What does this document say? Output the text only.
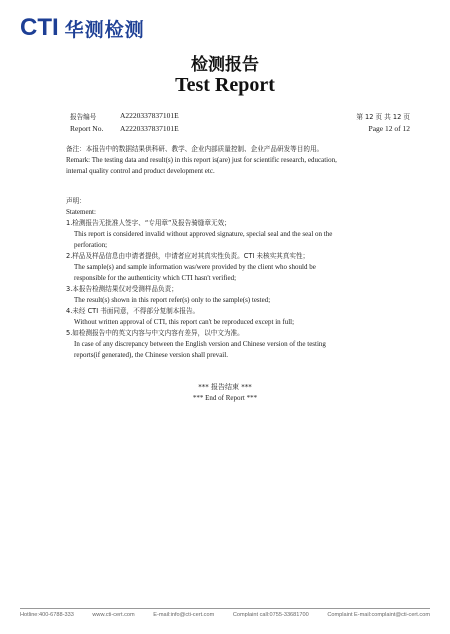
CTI 华测检测
检测报告
Test Report
报告编号	A2220337837101E	第 12 页 共 12 页
Report No. A2220337837101E	Page 12 of 12

备注：本报告中的数据结果供科研、教学、企业内部质量控制、企业产品研发等目的用。

Remark: The testing data and result(s) in this report is(are) just for scientific research, education,

internal quality control and product development etc.

声明：

Statement:

1.检测报告无批准人签字、“专用章”及报告骑缝章无效；

This report is considered invalid without approved signature, special seal and the seal on the

perforation;

2.样品及样品信息由申请者提供，申请者应对其真实性负责。CTI 未核实其真实性；

The sample(s) and sample information was/were provided by the client who should be

responsible for the authenticity which CTI hasn't verified;

3.本报告检测结果仅对受测样品负责；

The result(s) shown in this report refer(s) only to the sample(s) tested;

4.未经 CTI 书面同意，不得部分复制本报告。

Without written approval of CTI, this report can't be reproduced except in full;

5.如检测报告中的英文内容与中文内容有差异，以中文为准。

In case of any discrepancy between the English version and Chinese version of the testing

reports(if generated), the Chinese version shall prevail.

*** 报告结束 ***
*** End of Report ***
Hotline:400-6788-333	www.cti-cert.com	E-mail:info@cti-cert.com	Complaint call:0755-33681700	Complaint E-mail:complaint@cti-cert.com
